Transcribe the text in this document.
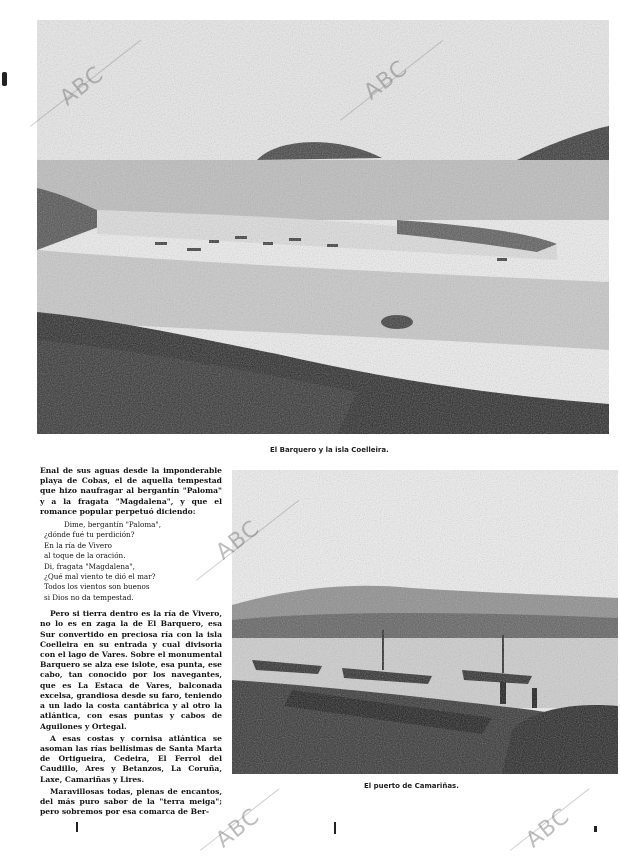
El Barquero y la isla Coelleira.
El puerto de Camariñas.

Enal de sus aguas desde la imponderable playa de Cobas, el de aquella tempestad que hizo naufragar al bergantín "Paloma" y a la fragata "Magdalena", y que el romance popular perpetuó diciendo:

Dime, bergantín "Paloma",
¿dónde fué tu perdición?
En la ría de Vivero
al toque de la oración.
Di, fragata "Magdalena",
¿Qué mal viento te dió el mar?
Todos los vientos son buenos
si Dios no da tempestad.

Pero si tierra dentro es la ría de Vivero, no lo es en zaga la de El Barquero, esa Sur convertido en preciosa ría con la isla Coelleira en su entrada y cual divisoria con el lago de Vares. Sobre el monumental Barquero se alza ese islote, esa punta, ese cabo, tan conocido por los navegantes, que es La Estaca de Vares, balconada excelsa, grandiosa desde su faro, teniendo a un lado la costa cantábrica y al otro la atlántica, con esas puntas y cabos de Aguilones y Ortegal.

A esas costas y cornisa atlántica se asoman las rías bellísimas de Santa Marta de Ortigueira, Cedeira, El Ferrol del Caudillo, Ares y Betanzos, La Coruña, Laxe, Camariñas y Lires.

Maravillosas todas, plenas de encantos, del más puro sabor de la "terra meiga"; pero sobremos por esa comarca de Ber-

ABC	ABC
ABC
ABC	ABC
